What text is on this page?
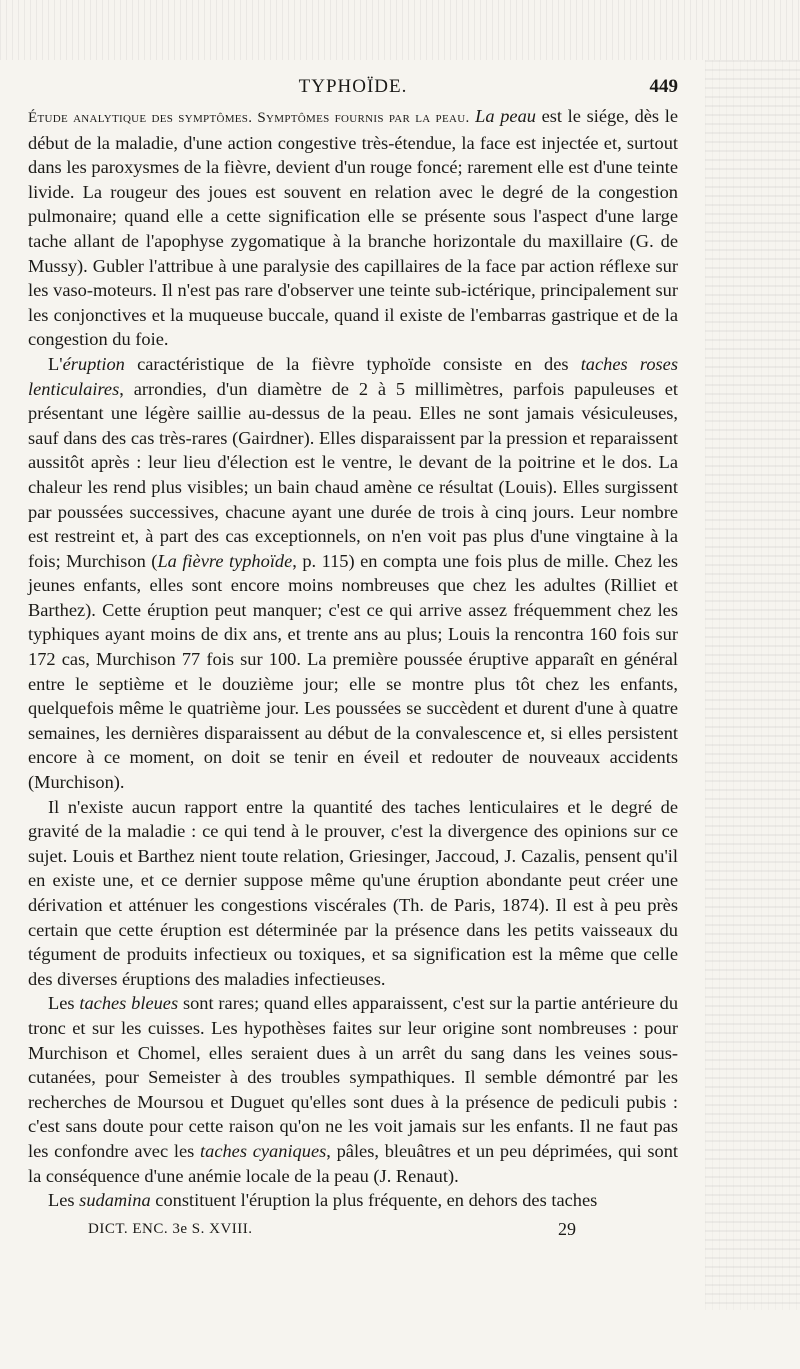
TYPHOÏDE.	449

Étude analytique des symptômes. Symptômes fournis par la peau. La peau est le siége, dès le début de la maladie, d'une action congestive très-étendue, la face est injectée et, surtout dans les paroxysmes de la fièvre, devient d'un rouge foncé; rarement elle est d'une teinte livide. La rougeur des joues est souvent en relation avec le degré de la congestion pulmonaire; quand elle a cette signification elle se présente sous l'aspect d'une large tache allant de l'apophyse zygomatique à la branche horizontale du maxillaire (G. de Mussy). Gubler l'attribue à une paralysie des capillaires de la face par action réflexe sur les vaso-moteurs. Il n'est pas rare d'observer une teinte sub-ictérique, principalement sur les conjonctives et la muqueuse buccale, quand il existe de l'embarras gastrique et de la congestion du foie.

L'éruption caractéristique de la fièvre typhoïde consiste en des taches roses lenticulaires, arrondies, d'un diamètre de 2 à 5 millimètres, parfois papuleuses et présentant une légère saillie au-dessus de la peau. Elles ne sont jamais vésiculeuses, sauf dans des cas très-rares (Gairdner). Elles disparaissent par la pression et reparaissent aussitôt après : leur lieu d'élection est le ventre, le devant de la poitrine et le dos. La chaleur les rend plus visibles; un bain chaud amène ce résultat (Louis). Elles surgissent par poussées successives, chacune ayant une durée de trois à cinq jours. Leur nombre est restreint et, à part des cas exceptionnels, on n'en voit pas plus d'une vingtaine à la fois; Murchison (La fièvre typhoïde, p. 115) en compta une fois plus de mille. Chez les jeunes enfants, elles sont encore moins nombreuses que chez les adultes (Rilliet et Barthez). Cette éruption peut manquer; c'est ce qui arrive assez fréquemment chez les typhiques ayant moins de dix ans, et trente ans au plus; Louis la rencontra 160 fois sur 172 cas, Murchison 77 fois sur 100. La première poussée éruptive apparaît en général entre le septième et le douzième jour; elle se montre plus tôt chez les enfants, quelquefois même le quatrième jour. Les poussées se succèdent et durent d'une à quatre semaines, les dernières disparaissent au début de la convalescence et, si elles persistent encore à ce moment, on doit se tenir en éveil et redouter de nouveaux accidents (Murchison).

Il n'existe aucun rapport entre la quantité des taches lenticulaires et le degré de gravité de la maladie : ce qui tend à le prouver, c'est la divergence des opinions sur ce sujet. Louis et Barthez nient toute relation, Griesinger, Jaccoud, J. Cazalis, pensent qu'il en existe une, et ce dernier suppose même qu'une éruption abondante peut créer une dérivation et atténuer les congestions viscérales (Th. de Paris, 1874). Il est à peu près certain que cette éruption est déterminée par la présence dans les petits vaisseaux du tégument de produits infectieux ou toxiques, et sa signification est la même que celle des diverses éruptions des maladies infectieuses.

Les taches bleues sont rares; quand elles apparaissent, c'est sur la partie antérieure du tronc et sur les cuisses. Les hypothèses faites sur leur origine sont nombreuses : pour Murchison et Chomel, elles seraient dues à un arrêt du sang dans les veines sous-cutanées, pour Semeister à des troubles sympathiques. Il semble démontré par les recherches de Moursou et Duguet qu'elles sont dues à la présence de pediculi pubis : c'est sans doute pour cette raison qu'on ne les voit jamais sur les enfants. Il ne faut pas les confondre avec les taches cyaniques, pâles, bleuâtres et un peu déprimées, qui sont la conséquence d'une anémie locale de la peau (J. Renaut).

Les sudamina constituent l'éruption la plus fréquente, en dehors des taches

DICT. ENC. 3e S. XVIII.	29
